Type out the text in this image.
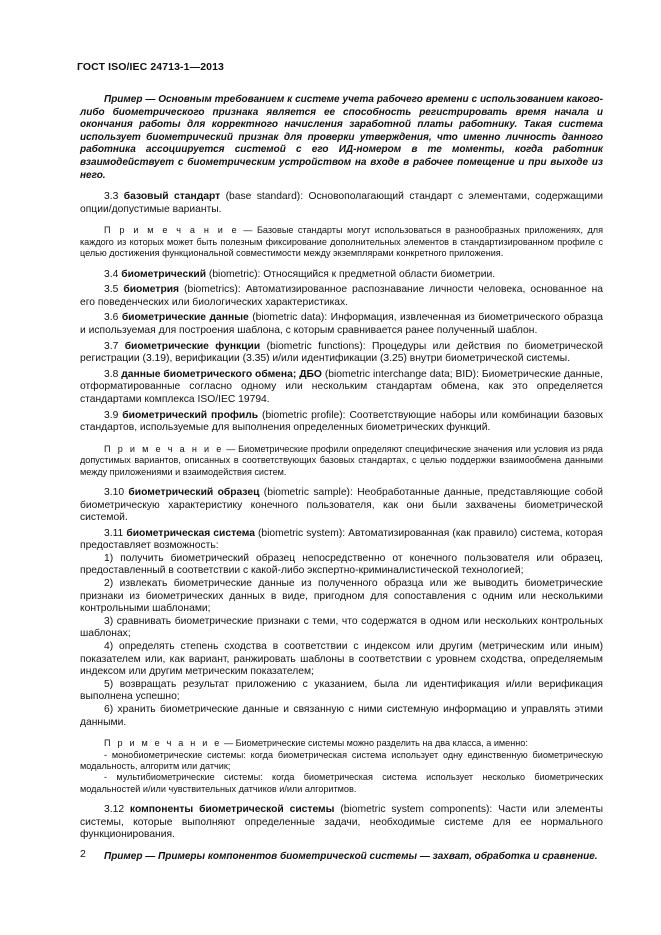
ГОСТ ISO/IEC 24713-1—2013

Пример — Основным требованием к системе учета рабочего времени с использованием какого-либо биометрического признака является ее способность регистрировать время начала и окончания работы для корректного начисления заработной платы работнику. Такая система использует биометрический признак для проверки утверждения, что именно личность данного работника ассоциируется системой с его ИД-номером в те моменты, когда работник взаимодействует с биометрическим устройством на входе в рабочее помещение и при выходе из него.

3.3 базовый стандарт (base standard): Основополагающий стандарт с элементами, содержащими опции/допустимые варианты.

П р и м е ч а н и е — Базовые стандарты могут использоваться в разнообразных приложениях, для каждого из которых может быть полезным фиксирование дополнительных элементов в стандартизированном профиле с целью достижения функциональной совместимости между экземплярами конкретного приложения.

3.4 биометрический (biometric): Относящийся к предметной области биометрии.

3.5 биометрия (biometrics): Автоматизированное распознавание личности человека, основанное на его поведенческих или биологических характеристиках.

3.6 биометрические данные (biometric data): Информация, извлеченная из биометрического образца и используемая для построения шаблона, с которым сравнивается ранее полученный шаблон.

3.7 биометрические функции (biometric functions): Процедуры или действия по биометрической регистрации (3.19), верификации (3.35) и/или идентификации (3.25) внутри биометрической системы.

3.8 данные биометрического обмена; ДБО (biometric interchange data; BID): Биометрические данные, отформатированные согласно одному или нескольким стандартам обмена, как это определяется стандартами комплекса ISO/IEC 19794.

3.9 биометрический профиль (biometric profile): Соответствующие наборы или комбинации базовых стандартов, используемые для выполнения определенных биометрических функций.

П р и м е ч а н и е — Биометрические профили определяют специфические значения или условия из ряда допустимых вариантов, описанных в соответствующих базовых стандартах, с целью поддержки взаимообмена данными между приложениями и взаимодействия систем.

3.10 биометрический образец (biometric sample): Необработанные данные, представляющие собой биометрическую характеристику конечного пользователя, как они были захвачены биометрической системой.

3.11 биометрическая система (biometric system): Автоматизированная (как правило) система, которая предоставляет возможность:

1) получить биометрический образец непосредственно от конечного пользователя или образец, предоставленный в соответствии с какой-либо экспертно-криминалистической технологией;

2) извлекать биометрические данные из полученного образца или же выводить биометрические признаки из биометрических данных в виде, пригодном для сопоставления с одним или несколькими контрольными шаблонами;

3) сравнивать биометрические признаки с теми, что содержатся в одном или нескольких контрольных шаблонах;

4) определять степень сходства в соответствии с индексом или другим (метрическим или иным) показателем или, как вариант, ранжировать шаблоны в соответствии с уровнем сходства, определяемым индексом или другим метрическим показателем;

5) возвращать результат приложению с указанием, была ли идентификация и/или верификация выполнена успешно;

6) хранить биометрические данные и связанную с ними системную информацию и управлять этими данными.

П р и м е ч а н и е — Биометрические системы можно разделить на два класса, а именно:

- монобиометрические системы: когда биометрическая система использует одну единственную биометрическую модальность, алгоритм или датчик;

- мультибиометрические системы: когда биометрическая система использует несколько биометрических модальностей и/или чувствительных датчиков и/или алгоритмов.

3.12 компоненты биометрической системы (biometric system components): Части или элементы системы, которые выполняют определенные задачи, необходимые системе для ее нормального функционирования.

Пример — Примеры компонентов биометрической системы — захват, обработка и сравнение.

2
